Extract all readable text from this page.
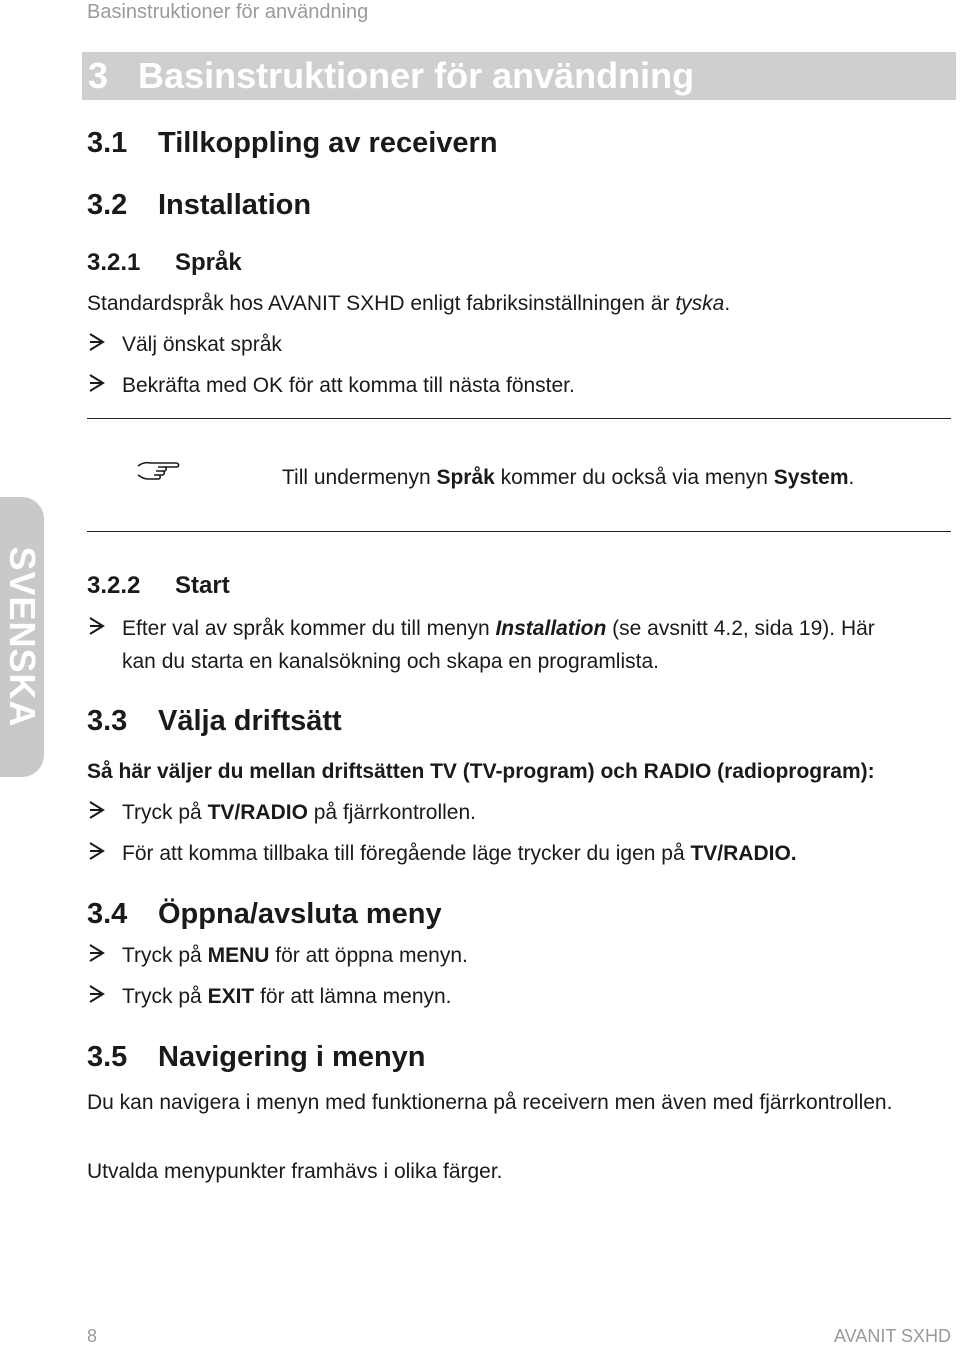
Basinstruktioner för användning
3 Basinstruktioner för användning
SVENSKA
3.1 Tillkoppling av receivern
3.2 Installation
3.2.1 Språk
Standardspråk hos AVANIT SXHD enligt fabriksinställningen är tyska.
Välj önskat språk
Bekräfta med OK för att komma till nästa fönster.
Till undermenyn Språk kommer du också via menyn System.
3.2.2 Start
Efter val av språk kommer du till menyn Installation (se avsnitt 4.2, sida 19). Här
kan du starta en kanalsökning och skapa en programlista.
3.3 Välja driftsätt
Så här väljer du mellan driftsätten TV (TV-program) och RADIO (radioprogram):
Tryck på TV/RADIO på fjärrkontrollen.
För att komma tillbaka till föregående läge trycker du igen på TV/RADIO.
3.4 Öppna/avsluta meny
Tryck på MENU för att öppna menyn.
Tryck på EXIT för att lämna menyn.
3.5 Navigering i menyn
Du kan navigera i menyn med funktionerna på receivern men även med fjärrkontrollen.
Utvalda menypunkter framhävs i olika färger.
8	AVANIT SXHD
